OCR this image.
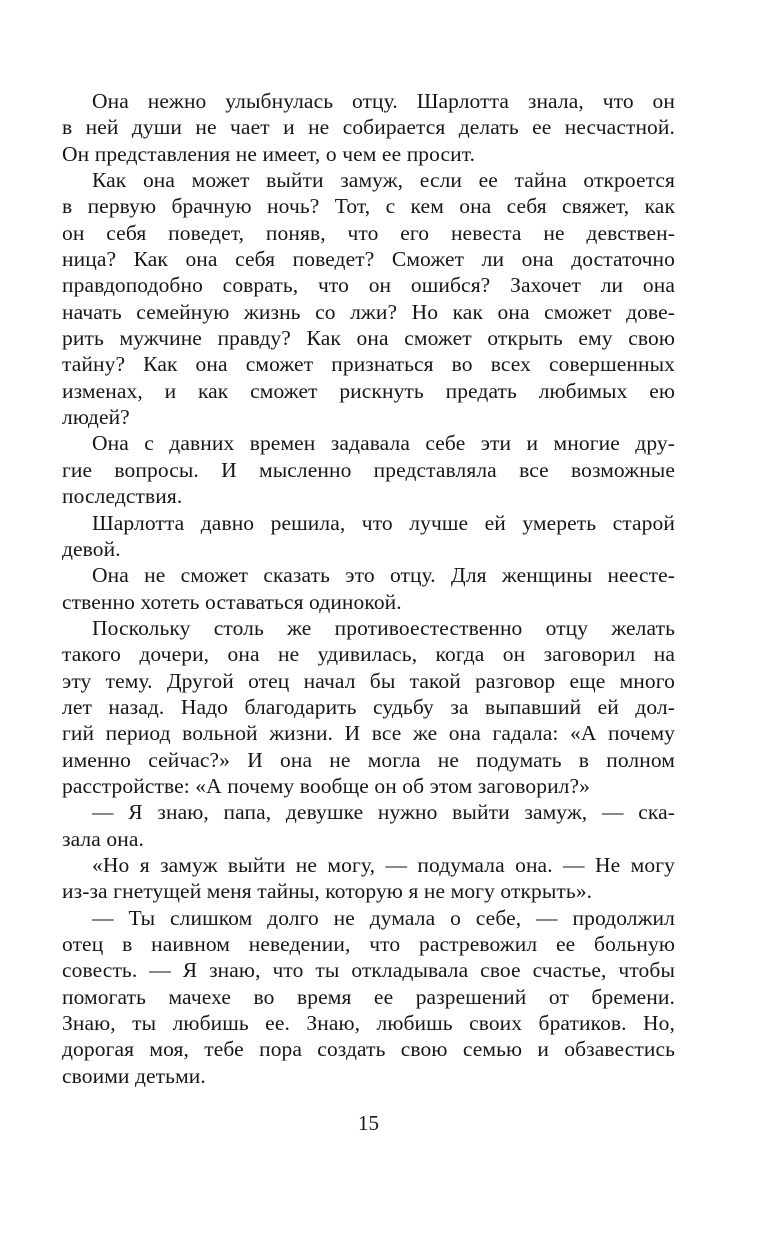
Она нежно улыбнулась отцу. Шарлотта знала, что он
в ней души не чает и не собирается делать ее несчастной.
Он представления не имеет, о чем ее просит.
Как она может выйти замуж, если ее тайна откроется
в первую брачную ночь? Тот, с кем она себя свяжет, как
он себя поведет, поняв, что его невеста не девствен-
ница? Как она себя поведет? Сможет ли она достаточно
правдоподобно соврать, что он ошибся? Захочет ли она
начать семейную жизнь со лжи? Но как она сможет дове-
рить мужчине правду? Как она сможет открыть ему свою
тайну? Как она сможет признаться во всех совершенных
изменах, и как сможет рискнуть предать любимых ею
людей?
Она с давних времен задавала себе эти и многие дру-
гие вопросы. И мысленно представляла все возможные
последствия.
Шарлотта давно решила, что лучше ей умереть старой
девой.
Она не сможет сказать это отцу. Для женщины неесте-
ственно хотеть оставаться одинокой.
Поскольку столь же противоестественно отцу желать
такого дочери, она не удивилась, когда он заговорил на
эту тему. Другой отец начал бы такой разговор еще много
лет назад. Надо благодарить судьбу за выпавший ей дол-
гий период вольной жизни. И все же она гадала: «А почему
именно сейчас?» И она не могла не подумать в полном
расстройстве: «А почему вообще он об этом заговорил?»
— Я знаю, папа, девушке нужно выйти замуж, — ска-
зала она.
«Но я замуж выйти не могу, — подумала она. — Не могу
из-за гнетущей меня тайны, которую я не могу открыть».
— Ты слишком долго не думала о себе, — продолжил
отец в наивном неведении, что растревожил ее больную
совесть. — Я знаю, что ты откладывала свое счастье, чтобы
помогать мачехе во время ее разрешений от бремени.
Знаю, ты любишь ее. Знаю, любишь своих братиков. Но,
дорогая моя, тебе пора создать свою семью и обзавестись
своими детьми.
15
